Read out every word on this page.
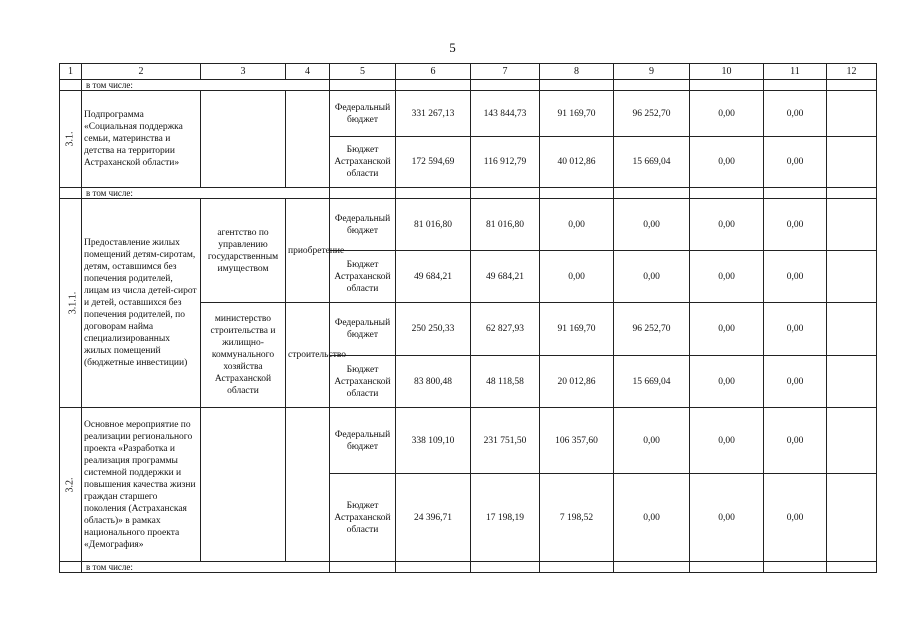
5
1	2	3	4	5	6	7	8	9	10	11	12
	в том числе:										
3.1.	Подпрограмма «Социальная поддержка семьи, материнства и детства на территории Астраханской области»			Федеральный бюджет	331 267,13	143 844,73	91 169,70	96 252,70	0,00	0,00	
				Бюджет Астраханской области	172 594,69	116 912,79	40 012,86	15 669,04	0,00	0,00	
	в том числе:										
3.1.1.	Предоставление жилых помещений детям-сиротам, детям, оставшимся без попечения родителей, лицам из числа детей-сирот и детей, оставшихся без попечения родителей, по договорам найма специализированных жилых помещений (бюджетные инвестиции)	агентство по управлению государственным имуществом	приобретение	Федеральный бюджет	81 016,80	81 016,80	0,00	0,00	0,00	0,00	
				Бюджет Астраханской области	49 684,21	49 684,21	0,00	0,00	0,00	0,00	
		министерство строительства и жилищно-коммунального хозяйства Астраханской области	строительство	Федеральный бюджет	250 250,33	62 827,93	91 169,70	96 252,70	0,00	0,00	
				Бюджет Астраханской области	83 800,48	48 118,58	20 012,86	15 669,04	0,00	0,00	
3.2.	Основное мероприятие по реализации регионального проекта «Разработка и реализация программы системной поддержки и повышения качества жизни граждан старшего поколения (Астраханская область)» в рамках национального проекта «Демография»			Федеральный бюджет	338 109,10	231 751,50	106 357,60	0,00	0,00	0,00	
				Бюджет Астраханской области	24 396,71	17 198,19	7 198,52	0,00	0,00	0,00	
	в том числе:										
